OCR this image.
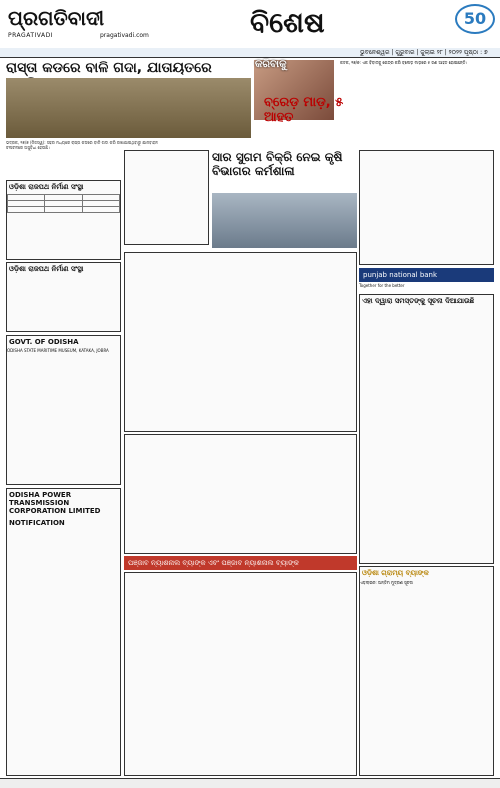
ପ୍ରଗତିବାଦୀ
PRAGATIVADI	pragativadi.com	ବିଶେଷ	50
ଭୁବନେଶ୍ୱର | ଗୁରୁବାର | ଜୁଲାଇ ୨୮ | ୨୦୨୨ ପୃଷ୍ଠା : ୭
ରାସ୍ତା କଡରେ ବାଳି ଗଦା, ଯାତାୟତରେ
ଭଦ୍ରକ, ୨୭/୭ (ନିଜସ୍ୱ): ସହର ମଧ୍ୟରେ ରାସ୍ତା କଡରେ ବାଳି ଗଦା କରି ରଖାଯାଇଥିବାରୁ ଯାନବାହନ ଚଳାଚଳରେ ଅସୁବିଧା ହେଉଛି।
କରିବାକୁ
ବ୍ରେଡ଼ ମାଡ଼, ୫ ଆହତ
କଟକ, ୨୭/୭: ଏକ ବିବାଦକୁ କେନ୍ଦ୍ର କରି ବ୍ଲେଡ଼ ମାଡ଼ରେ ୫ ଜଣ ଆହତ ହୋଇଛନ୍ତି।
ଓଡ଼ିଶା ରାଜପଥ ନିର୍ମାଣ ସଂସ୍ଥା

ଓଡ଼ିଶା ରାଜପଥ ନିର୍ମାଣ ସଂସ୍ଥା
GOVT. OF ODISHA
ODISHA STATE MARITIME MUSEUM, KATAKA, JOBRA
ODISHA POWER TRANSMISSION CORPORATION LIMITED
NOTIFICATION
ସାର ସୁଗମ ବିକ୍ରି ନେଇ କୃଷି ବିଭାଗର କର୍ମଶାଳା
ପଞ୍ଜାବ ନ୍ୟାଶନାଲ ବ୍ୟାଙ୍କ ଏବଂ ପଞ୍ଜାବ ନ୍ୟାଶନାଲ ବ୍ୟାଙ୍କ
punjab national bank
Together for the better
ଏହା ଦ୍ୱାରା ସମସ୍ତଙ୍କୁ ସୂଚନା ଦିଆଯାଉଛି
ଓଡ଼ିଶା ଗ୍ରାମ୍ୟ ବ୍ୟାଙ୍କ
ଏଡ଼ଲାଇନ: ଅନ୍ତିମ ମୁଦ୍ରଣ ସୂଚନା
